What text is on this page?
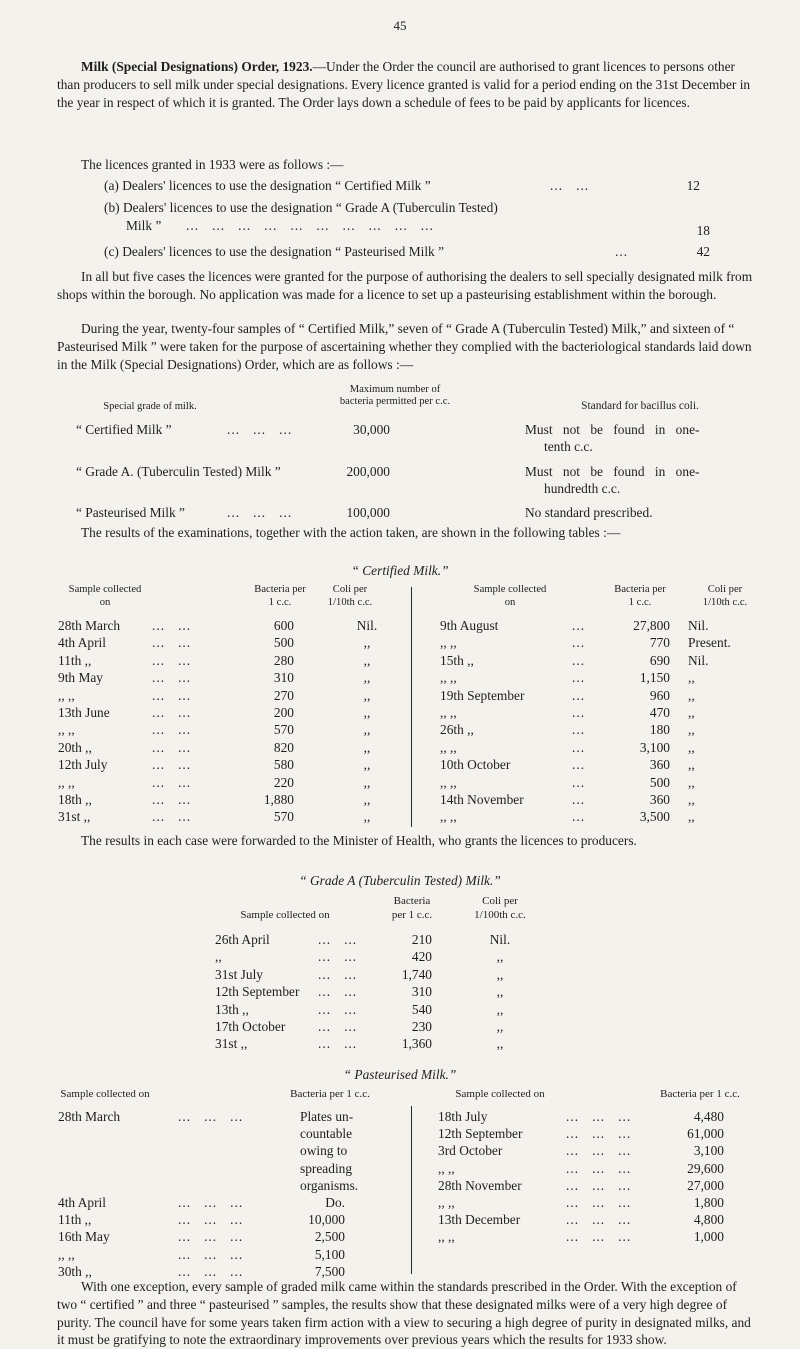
45

Milk (Special Designations) Order, 1923.—Under the Order the council are authorised to grant licences to persons other than producers to sell milk under special designations. Every licence granted is valid for a period ending on the 31st December in the year in respect of which it is granted. The Order lays down a schedule of fees to be paid by applicants for licences.

The licences granted in 1933 were as follows :—

(a) Dealers' licences to use the designation “ Certified Milk ”	...   ...	12
(b) Dealers' licences to use the designation “ Grade A (Tuberculin Tested)
Milk ” ...   ...   ...   ...   ...   ...   ...   ...   ...   ...	18
(c) Dealers' licences to use the designation “ Pasteurised Milk ”	...	42

In all but five cases the licences were granted for the purpose of authorising the dealers to sell specially designated milk from shops within the borough. No application was made for a licence to set up a pasteurising establishment within the borough.

During the year, twenty-four samples of “ Certified Milk,” seven of “ Grade A (Tuberculin Tested) Milk,” and sixteen of “ Pasteurised Milk ” were taken for the purpose of ascertaining whether they complied with the bacteriological standards laid down in the Milk (Special Designations) Order, which are as follows :—

Special grade of milk.
Maximum number of
bacteria permitted per c.c.	Standard for bacillus coli.
“ Certified Milk ”	...   ...   ...	30,000	Must not be found in one-
tenth c.c.
“ Grade A. (Tuberculin Tested) Milk ”	200,000	Must not be found in one-
hundredth c.c.
“ Pasteurised Milk ”	...   ...   ...	100,000	No standard prescribed.

The results of the examinations, together with the action taken, are shown in the following tables :—

“ Certified Milk.”
Sample collected
on
Bacteria per
1 c.c.
Coli per
1/10th c.c.
Sample collected
on
Bacteria per
1 c.c.
Coli per
1/10th c.c.
28th March ...   ...	600	Nil.
4th April	...   ...	500	,,
11th ,,	...   ...	280	,,
9th May	...   ...	310	,,
,, ,,	...   ...	270	,,
13th June	...   ...	200	,,
,, ,,	...   ...	570	,,
20th ,,	...   ...	820	,,
12th July	...   ...	580	,,
,, ,,	...   ...	220	,,
18th ,,	...   ...	1,880	,,
31st ,,	...   ...	570	,,
9th August	...	27,800 Nil.
,, ,,	...	770 Present.
15th ,,	...	690 Nil.
,, ,,	...	1,150 ,,
19th September	...	960 ,,
,, ,,	...	470 ,,
26th ,,	...	180 ,,
,, ,,	...	3,100 ,,
10th October	...	360 ,,
,, ,,	...	500 ,,
14th November	...	360 ,,
,, ,,	...	3,500 ,,

The results in each case were forwarded to the Minister of Health, who grants the licences to producers.

“ Grade A (Tuberculin Tested) Milk.”
Sample collected on
Bacteria
per 1 c.c.
Coli per
1/100th c.c.
26th April	...   ...	210	Nil.
,,	...   ...	420	,,
31st July	...   ...	1,740	,,
12th September ...   ...	310	,,
13th ,,	...   ...	540	,,
17th October ...   ...	230	,,
31st ,,	...   ...	1,360	,,
“ Pasteurised Milk.”
Sample collected on	Bacteria per 1 c.c.	Sample collected on	Bacteria per 1 c.c.
28th March	...   ...   ...	Plates un-
countable
owing to
spreading
organisms.
4th April	...   ...   ...	Do.
11th ,,	...   ...   ...	10,000
16th May	...   ...   ...	2,500
,, ,,	...   ...   ...	5,100
30th ,,	...   ...   ...	7,500
18th July	...   ...   ...	4,480
12th September	...   ...   ...	61,000
3rd October	...   ...   ...	3,100
,, ,,	...   ...   ...	29,600
28th November	...   ...   ...	27,000
,, ,,	...   ...   ...	1,800
13th December	...   ...   ...	4,800
,, ,,	...   ...   ...	1,000

With one exception, every sample of graded milk came within the standards prescribed in the Order. With the exception of two “ certified ” and three “ pasteurised ” samples, the results show that these designated milks were of a very high degree of purity. The council have for some years taken firm action with a view to securing a high degree of purity in designated milks, and it must be gratifying to note the extraordinary improvements over previous years which the results for 1933 show.
